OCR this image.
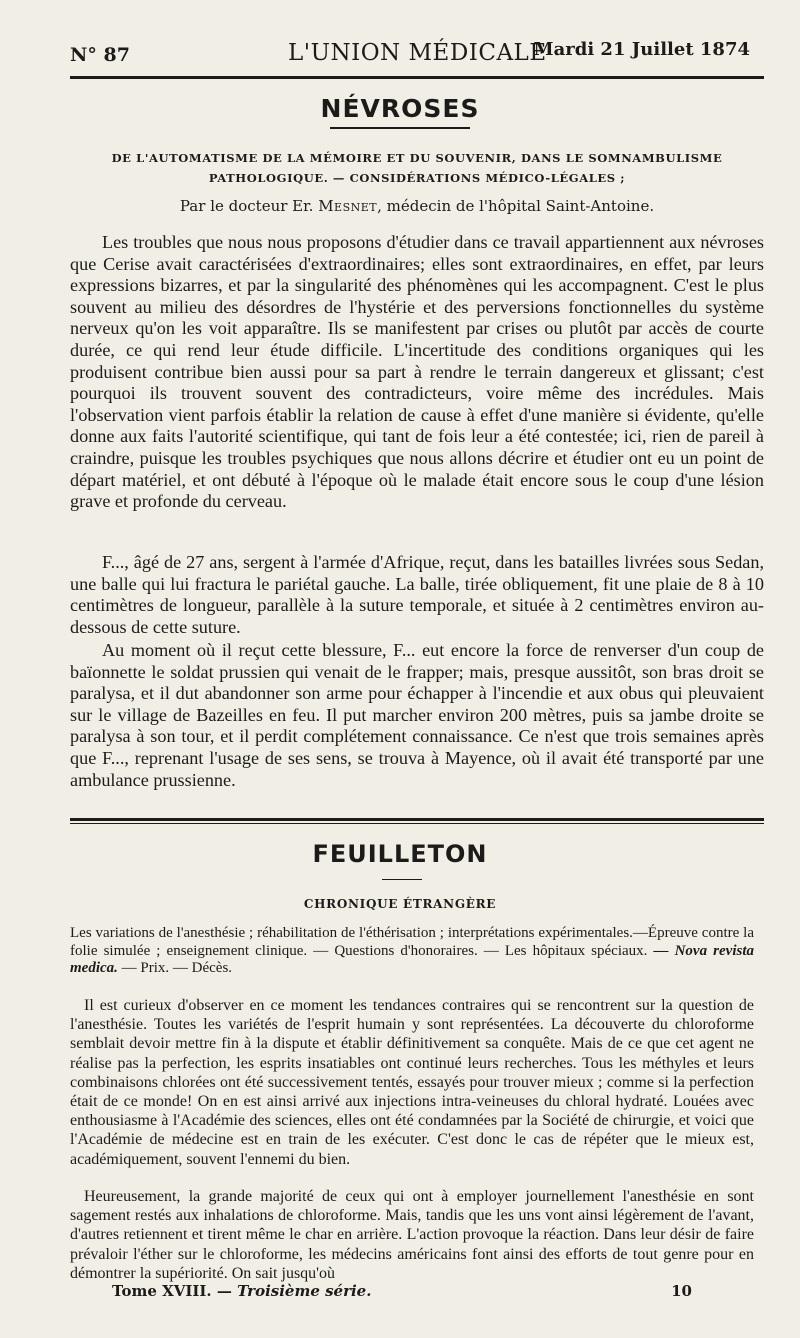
N° 87	L'UNION MÉDICALE
Mardi 21 Juillet 1874
NÉVROSES
DE L'AUTOMATISME DE LA MÉMOIRE ET DU SOUVENIR, DANS LE SOMNAMBULISME PATHOLOGIQUE. — CONSIDÉRATIONS MÉDICO-LÉGALES ;
Par le docteur Er. Mesnet, médecin de l'hôpital Saint-Antoine.

Les troubles que nous nous proposons d'étudier dans ce travail appartiennent aux névroses que Cerise avait caractérisées d'extraordinaires; elles sont extraordinaires, en effet, par leurs expressions bizarres, et par la singularité des phénomènes qui les accompagnent. C'est le plus souvent au milieu des désordres de l'hystérie et des perversions fonctionnelles du système nerveux qu'on les voit apparaître. Ils se manifestent par crises ou plutôt par accès de courte durée, ce qui rend leur étude difficile. L'incertitude des conditions organiques qui les produisent contribue bien aussi pour sa part à rendre le terrain dangereux et glissant; c'est pourquoi ils trouvent souvent des contradicteurs, voire même des incrédules. Mais l'observation vient parfois établir la relation de cause à effet d'une manière si évidente, qu'elle donne aux faits l'autorité scientifique, qui tant de fois leur a été contestée; ici, rien de pareil à craindre, puisque les troubles psychiques que nous allons décrire et étudier ont eu un point de départ matériel, et ont débuté à l'époque où le malade était encore sous le coup d'une lésion grave et profonde du cerveau.

F..., âgé de 27 ans, sergent à l'armée d'Afrique, reçut, dans les batailles livrées sous Sedan, une balle qui lui fractura le pariétal gauche. La balle, tirée obliquement, fit une plaie de 8 à 10 centimètres de longueur, parallèle à la suture temporale, et située à 2 centimètres environ au-dessous de cette suture.

Au moment où il reçut cette blessure, F... eut encore la force de renverser d'un coup de baïonnette le soldat prussien qui venait de le frapper; mais, presque aussitôt, son bras droit se paralysa, et il dut abandonner son arme pour échapper à l'incendie et aux obus qui pleuvaient sur le village de Bazeilles en feu. Il put marcher environ 200 mètres, puis sa jambe droite se paralysa à son tour, et il perdit complétement connaissance. Ce n'est que trois semaines après que F..., reprenant l'usage de ses sens, se trouva à Mayence, où il avait été transporté par une ambulance prussienne.

FEUILLETON
CHRONIQUE ÉTRANGÈRE
Les variations de l'anesthésie ; réhabilitation de l'éthérisation ; interprétations expérimentales.—Épreuve contre la folie simulée ; enseignement clinique. — Questions d'honoraires. — Les hôpitaux spéciaux. — Nova revista medica. — Prix. — Décès.

Il est curieux d'observer en ce moment les tendances contraires qui se rencontrent sur la question de l'anesthésie. Toutes les variétés de l'esprit humain y sont représentées. La découverte du chloroforme semblait devoir mettre fin à la dispute et établir définitivement sa conquête. Mais de ce que cet agent ne réalise pas la perfection, les esprits insatiables ont continué leurs recherches. Tous les méthyles et leurs combinaisons chlorées ont été successivement tentés, essayés pour trouver mieux ; comme si la perfection était de ce monde! On en est ainsi arrivé aux injections intra-veineuses du chloral hydraté. Louées avec enthousiasme à l'Académie des sciences, elles ont été condamnées par la Société de chirurgie, et voici que l'Académie de médecine est en train de les exécuter. C'est donc le cas de répéter que le mieux est, académiquement, souvent l'ennemi du bien.

Heureusement, la grande majorité de ceux qui ont à employer journellement l'anesthésie en sont sagement restés aux inhalations de chloroforme. Mais, tandis que les uns vont ainsi légèrement de l'avant, d'autres retiennent et tirent même le char en arrière. L'action provoque la réaction. Dans leur désir de faire prévaloir l'éther sur le chloroforme, les médecins américains font ainsi des efforts de tout genre pour en démontrer la supériorité. On sait jusqu'où

Tome XVIII. — Troisième série.	10
